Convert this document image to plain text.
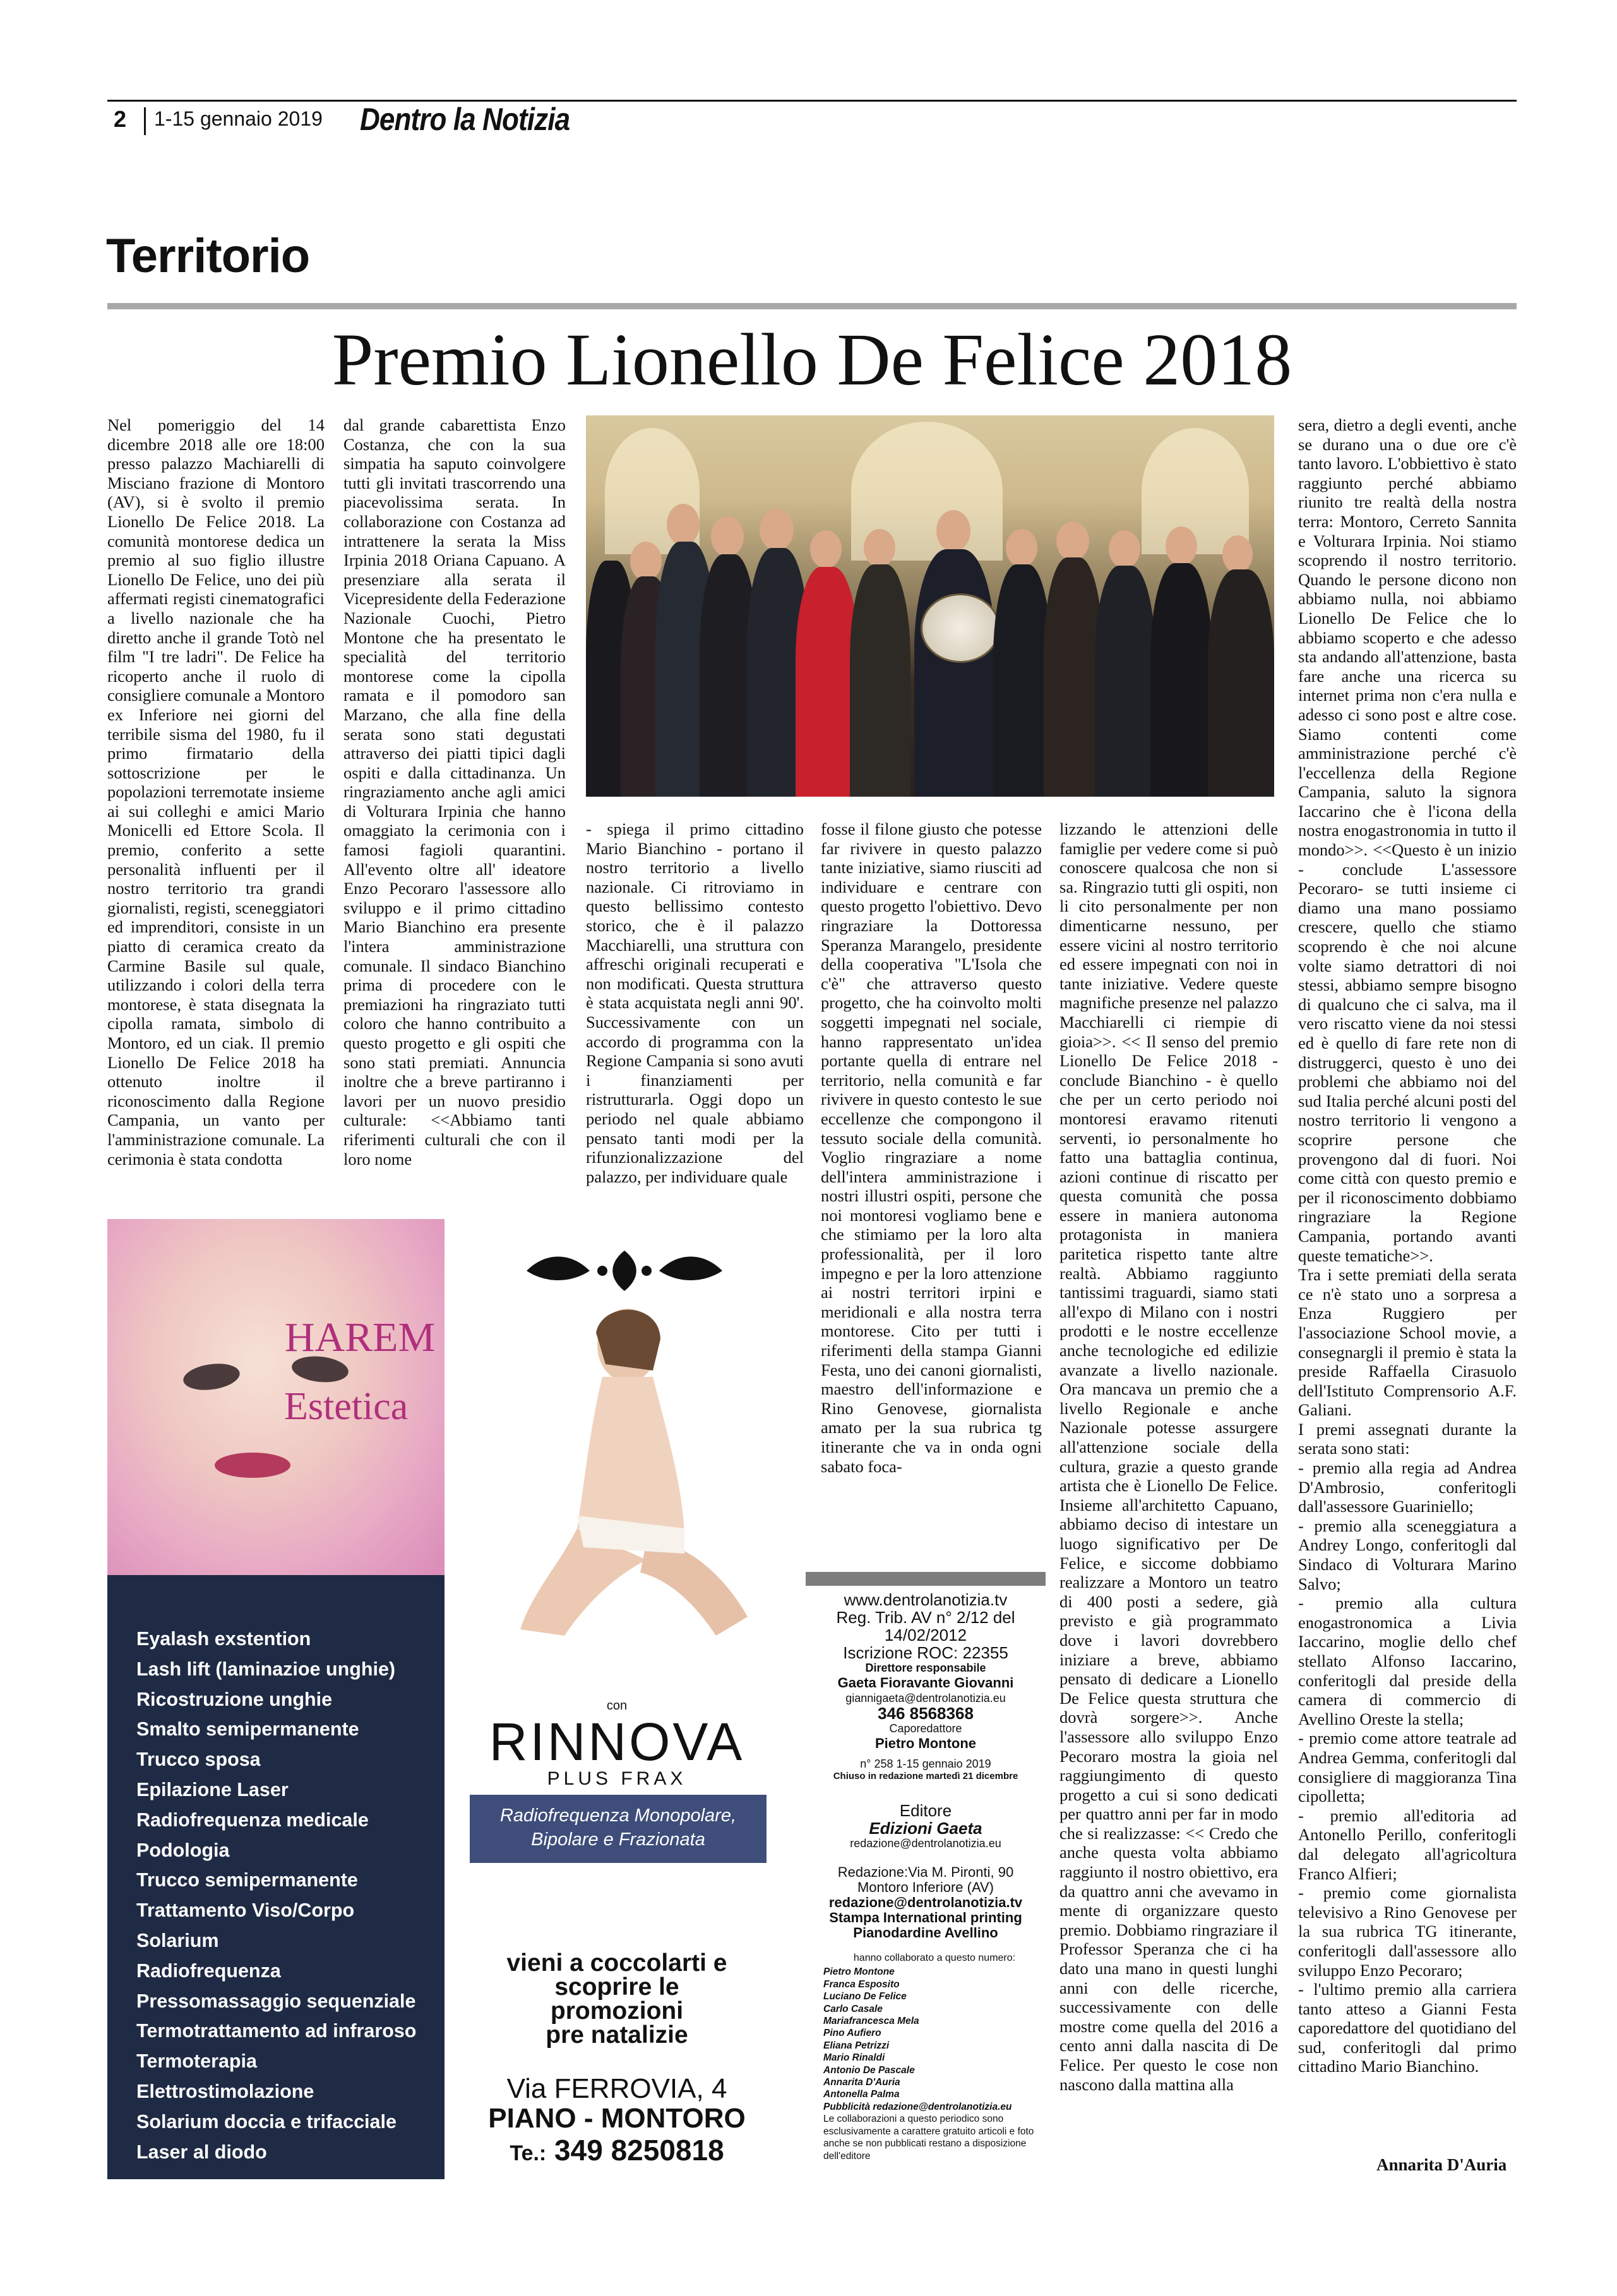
2 1-15 gennaio 2019 Dentro la Notizia
Territorio
Premio Lionello De Felice 2018

Nel pomeriggio del 14 dicembre 2018 alle ore 18:00 presso palazzo Machiarelli di Misciano frazione di Montoro (AV), si è svolto il premio Lionello De Felice 2018. La comunità montorese dedica un premio al suo figlio illustre Lionello De Felice, uno dei più affermati registi cinematografici a livello nazionale che ha diretto anche il grande Totò nel film "I tre ladri". De Felice ha ricoperto anche il ruolo di consigliere comunale a Montoro ex Inferiore nei giorni del terribile sisma del 1980, fu il primo firmatario della sottoscrizione per le popolazioni terremotate insieme ai sui colleghi e amici Mario Monicelli ed Ettore Scola. Il premio, conferito a sette personalità influenti per il nostro territorio tra grandi giornalisti, registi, sceneggiatori ed imprenditori, consiste in un piatto di ceramica creato da Carmine Basile sul quale, utilizzando i colori della terra montorese, è stata disegnata la cipolla ramata, simbolo di Montoro, ed un ciak. Il premio Lionello De Felice 2018 ha ottenuto inoltre il riconoscimento dalla Regione Campania, un vanto per l'amministrazione comunale. La cerimonia è stata condotta

dal grande cabarettista Enzo Costanza, che con la sua simpatia ha saputo coinvolgere tutti gli invitati trascorrendo una piacevolissima serata. In collaborazione con Costanza ad intrattenere la serata la Miss Irpinia 2018 Oriana Capuano. A presenziare alla serata il Vicepresidente della Federazione Nazionale Cuochi, Pietro Montone che ha presentato le specialità del territorio montorese come la cipolla ramata e il pomodoro san Marzano, che alla fine della serata sono stati degustati attraverso dei piatti tipici dagli ospiti e dalla cittadinanza. Un ringraziamento anche agli amici di Volturara Irpinia che hanno omaggiato la cerimonia con i famosi fagioli quarantini. All'evento oltre all' ideatore Enzo Pecoraro l'assessore allo sviluppo e il primo cittadino Mario Bianchino era presente l'intera amministrazione comunale. Il sindaco Bianchino prima di procedere con le premiazioni ha ringraziato tutti coloro che hanno contribuito a questo progetto e gli ospiti che sono stati premiati. Annuncia inoltre che a breve partiranno i lavori per un nuovo presidio culturale: <<Abbiamo tanti riferimenti culturali che con il loro nome

- spiega il primo cittadino Mario Bianchino - portano il nostro territorio a livello nazionale. Ci ritroviamo in questo bellissimo contesto storico, che è il palazzo Macchiarelli, una struttura con affreschi originali recuperati e non modificati. Questa struttura è stata acquistata negli anni 90'. Successivamente con un accordo di programma con la Regione Campania si sono avuti i finanziamenti per ristrutturarla. Oggi dopo un periodo nel quale abbiamo pensato tanti modi per la rifunzionalizzazione del palazzo, per individuare quale

fosse il filone giusto che potesse far rivivere in questo palazzo tante iniziative, siamo riusciti ad individuare e centrare con questo progetto l'obiettivo. Devo ringraziare la Dottoressa Speranza Marangelo, presidente della cooperativa "L'Isola che c'è" che attraverso questo progetto, che ha coinvolto molti soggetti impegnati nel sociale, hanno rappresentato un'idea portante quella di entrare nel territorio, nella comunità e far rivivere in questo contesto le sue eccellenze che compongono il tessuto sociale della comunità. Voglio ringraziare a nome dell'intera amministrazione i nostri illustri ospiti, persone che noi montoresi vogliamo bene e che stimiamo per la loro alta professionalità, per il loro impegno e per la loro attenzione ai nostri territori irpini e meridionali e alla nostra terra montorese. Cito per tutti i riferimenti della stampa Gianni Festa, uno dei canoni giornalisti, maestro dell'informazione e Rino Genovese, giornalista amato per la sua rubrica tg itinerante che va in onda ogni sabato foca-

lizzando le attenzioni delle famiglie per vedere come si può conoscere qualcosa che non si sa. Ringrazio tutti gli ospiti, non li cito personalmente per non dimenticarne nessuno, per essere vicini al nostro territorio ed essere impegnati con noi in tante iniziative. Vedere queste magnifiche presenze nel palazzo Macchiarelli ci riempie di gioia>>. << Il senso del premio Lionello De Felice 2018 - conclude Bianchino - è quello che per un certo periodo noi montoresi eravamo ritenuti serventi, io personalmente ho fatto una battaglia continua, azioni continue di riscatto per questa comunità che possa essere in maniera autonoma protagonista in maniera paritetica rispetto tante altre realtà. Abbiamo raggiunto tantissimi traguardi, siamo stati all'expo di Milano con i nostri prodotti e le nostre eccellenze anche tecnologiche ed edilizie avanzate a livello nazionale. Ora mancava un premio che a livello Regionale e anche Nazionale potesse assurgere all'attenzione sociale della cultura, grazie a questo grande artista che è Lionello De Felice. Insieme all'architetto Capuano, abbiamo deciso di intestare un luogo significativo per De Felice, e siccome dobbiamo realizzare a Montoro un teatro di 400 posti a sedere, già previsto e già programmato dove i lavori dovrebbero iniziare a breve, abbiamo pensato di dedicare a Lionello De Felice questa struttura che dovrà sorgere>>. Anche l'assessore allo sviluppo Enzo Pecoraro mostra la gioia nel raggiungimento di questo progetto a cui si sono dedicati per quattro anni per far in modo che si realizzasse: << Credo che anche questa volta abbiamo raggiunto il nostro obiettivo, era da quattro anni che avevamo in mente di organizzare questo premio. Dobbiamo ringraziare il Professor Speranza che ci ha dato una mano in questi lunghi anni con delle ricerche, successivamente con delle mostre come quella del 2016 a cento anni dalla nascita di De Felice. Per questo le cose non nascono dalla mattina alla

sera, dietro a degli eventi, anche se durano una o due ore c'è tanto lavoro. L'obbiettivo è stato raggiunto perché abbiamo riunito tre realtà della nostra terra: Montoro, Cerreto Sannita e Volturara Irpinia. Noi stiamo scoprendo il nostro territorio. Quando le persone dicono non abbiamo nulla, noi abbiamo Lionello De Felice che lo abbiamo scoperto e che adesso sta andando all'attenzione, basta fare anche una ricerca su internet prima non c'era nulla e adesso ci sono post e altre cose. Siamo contenti come amministrazione perché c'è l'eccellenza della Regione Campania, saluto la signora Iaccarino che è l'icona della nostra enogastronomia in tutto il mondo>>. <<Questo è un inizio - conclude L'assessore Pecoraro- se tutti insieme ci diamo una mano possiamo crescere, quello che stiamo scoprendo è che noi alcune volte siamo detrattori di noi stessi, abbiamo sempre bisogno di qualcuno che ci salva, ma il vero riscatto viene da noi stessi ed è quello di fare rete non di distruggerci, questo è uno dei problemi che abbiamo noi del sud Italia perché alcuni posti del nostro territorio li vengono a scoprire persone che provengono dal di fuori. Noi come città con questo premio e per il riconoscimento dobbiamo ringraziare la Regione Campania, portando avanti queste tematiche>>.

Tra i sette premiati della serata ce n'è stato uno a sorpresa a Enza Ruggiero per l'associazione School movie, a consegnargli il premio è stata la preside Raffaella Cirasuolo dell'Istituto Comprensorio A.F. Galiani.

I premi assegnati durante la serata sono stati:

- premio alla regia ad Andrea D'Ambrosio, conferitogli dall'assessore Guariniello;

- premio alla sceneggiatura a Andrey Longo, conferitogli dal Sindaco di Volturara Marino Salvo;

- premio alla cultura enogastronomica a Livia Iaccarino, moglie dello chef stellato Alfonso Iaccarino, conferitogli dal preside della camera di commercio di Avellino Oreste la stella;

- premio come attore teatrale ad Andrea Gemma, conferitogli dal consigliere di maggioranza Tina cipolletta;

- premio all'editoria ad Antonello Perillo, conferitogli dal delegato all'agricoltura Franco Alfieri;

- premio come giornalista televisivo a Rino Genovese per la sua rubrica TG itinerante, conferitogli dall'assessore allo sviluppo Enzo Pecoraro;

- l'ultimo premio alla carriera tanto atteso a Gianni Festa caporedattore del quotidiano del sud, conferitogli dal primo cittadino Mario Bianchino.

Annarita D'Auria
HAREM
Estetica
Eyalash exstention
Lash lift (laminazioe unghie)
Ricostruzione unghie
Smalto semipermanente
Trucco sposa
Epilazione Laser
Radiofrequenza medicale
Podologia
Trucco semipermanente
Trattamento Viso/Corpo
Solarium
Radiofrequenza
Pressomassaggio sequenziale
Termotrattamento ad infraroso
Termoterapia
Elettrostimolazione
Solarium doccia e trifacciale
Laser al diodo
con
RINNOVA
PLUS FRAX
Radiofrequenza Monopolare,
Bipolare e Frazionata
vieni a coccolarti e
scoprire le
promozioni
pre natalizie
Via FERROVIA, 4
PIANO - MONTORO
Te.: 349 8250818
www.dentrolanotizia.tv
Reg. Trib. AV n° 2/12 del
14/02/2012
Iscrizione ROC: 22355
Direttore responsabile
Gaeta Fioravante Giovanni
giannigaeta@dentrolanotizia.eu
346 8568368
Caporedattore
Pietro Montone
n° 258 1-15 gennaio 2019
Chiuso in redazione martedì 21 dicembre
Editore
Edizioni Gaeta
redazione@dentrolanotizia.eu
Redazione:Via M. Pironti, 90
Montoro Inferiore (AV)
redazione@dentrolanotizia.tv
Stampa International printing
Pianodardine Avellino
hanno collaborato a questo numero:
Pietro Montone
Franca Esposito
Luciano De Felice
Carlo Casale
Mariafrancesca Mela
Pino Aufiero
Eliana Petrizzi
Mario Rinaldi
Antonio De Pascale
Annarita D'Auria
Antonella Palma
Pubblicità redazione@dentrolanotizia.eu
Le collaborazioni a questo periodico sono esclusivamente a carattere gratuito articoli e foto anche se non pubblicati restano a disposizione dell'editore
